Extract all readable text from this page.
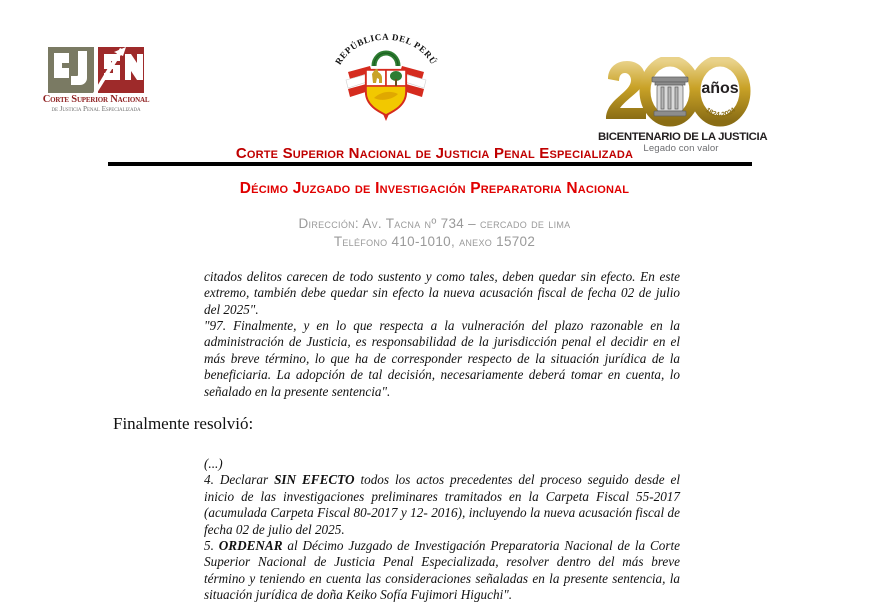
Corte Superior Nacional
de Justicia Penal Especializada
REPÚBLICA DEL PERÚ
años
1824-2024
BICENTENARIO DE LA JUSTICIA
Legado con valor
Corte Superior Nacional de Justicia Penal Especializada
Décimo Juzgado de Investigación Preparatoria Nacional
Dirección: Av. Tacna nº 734 – cercado de lima
Teléfono 410-1010, anexo 15702
citados delitos carecen de todo sustento y como tales, deben quedar sin efecto. En este extremo, también debe quedar sin efecto la nueva acusación fiscal de fecha 02 de julio del 2025".
"97. Finalmente, y en lo que respecta a la vulneración del plazo razonable en la administración de Justicia, es responsabilidad de la jurisdicción penal el decidir en el más breve término, lo que ha de corresponder respecto de la situación jurídica de la beneficiaria. La adopción de tal decisión, necesariamente deberá tomar en cuenta, lo señalado en la presente sentencia".
Finalmente resolvió:

(...)

4. Declarar SIN EFECTO todos los actos precedentes del proceso seguido desde el inicio de las investigaciones preliminares tramitados en la Carpeta Fiscal 55-2017 (acumulada Carpeta Fiscal 80-2017 y 12- 2016), incluyendo la nueva acusación fiscal de fecha 02 de julio del 2025.

5. ORDENAR al Décimo Juzgado de Investigación Preparatoria Nacional de la Corte Superior Nacional de Justicia Penal Especializada, resolver dentro del más breve término y teniendo en cuenta las consideraciones señaladas en la presente sentencia, la situación jurídica de doña Keiko Sofía Fujimori Higuchi".
